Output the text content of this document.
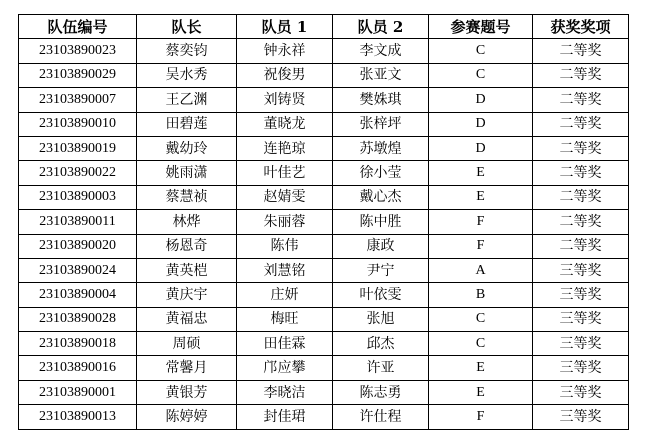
队伍编号	队长	队员 1	队员 2	参赛题号	获奖奖项
23103890023	蔡奕钧	钟永祥	李文成	C	二等奖
23103890029	吴水秀	祝俊男	张亚文	C	二等奖
23103890007	王乙渊	刘铸贤	樊姝琪	D	二等奖
23103890010	田碧莲	董晓龙	张梓坪	D	二等奖
23103890019	戴幼玲	连艳琼	苏墩煌	D	二等奖
23103890022	姚雨潇	叶佳艺	徐小莹	E	二等奖
23103890003	蔡慧祯	赵婧雯	戴心杰	E	二等奖
23103890011	林烨	朱丽蓉	陈中胜	F	二等奖
23103890020	杨恩奇	陈伟	康政	F	二等奖
23103890024	黄英桤	刘慧铭	尹宁	A	三等奖
23103890004	黄庆宇	庄妍	叶依雯	B	三等奖
23103890028	黄福忠	梅旺	张旭	C	三等奖
23103890018	周硕	田佳霖	邱杰	C	三等奖
23103890016	常馨月	邝应攀	许亚	E	三等奖
23103890001	黄银芳	李晓洁	陈志勇	E	三等奖
23103890013	陈婷婷	封佳珺	许仕程	F	三等奖
